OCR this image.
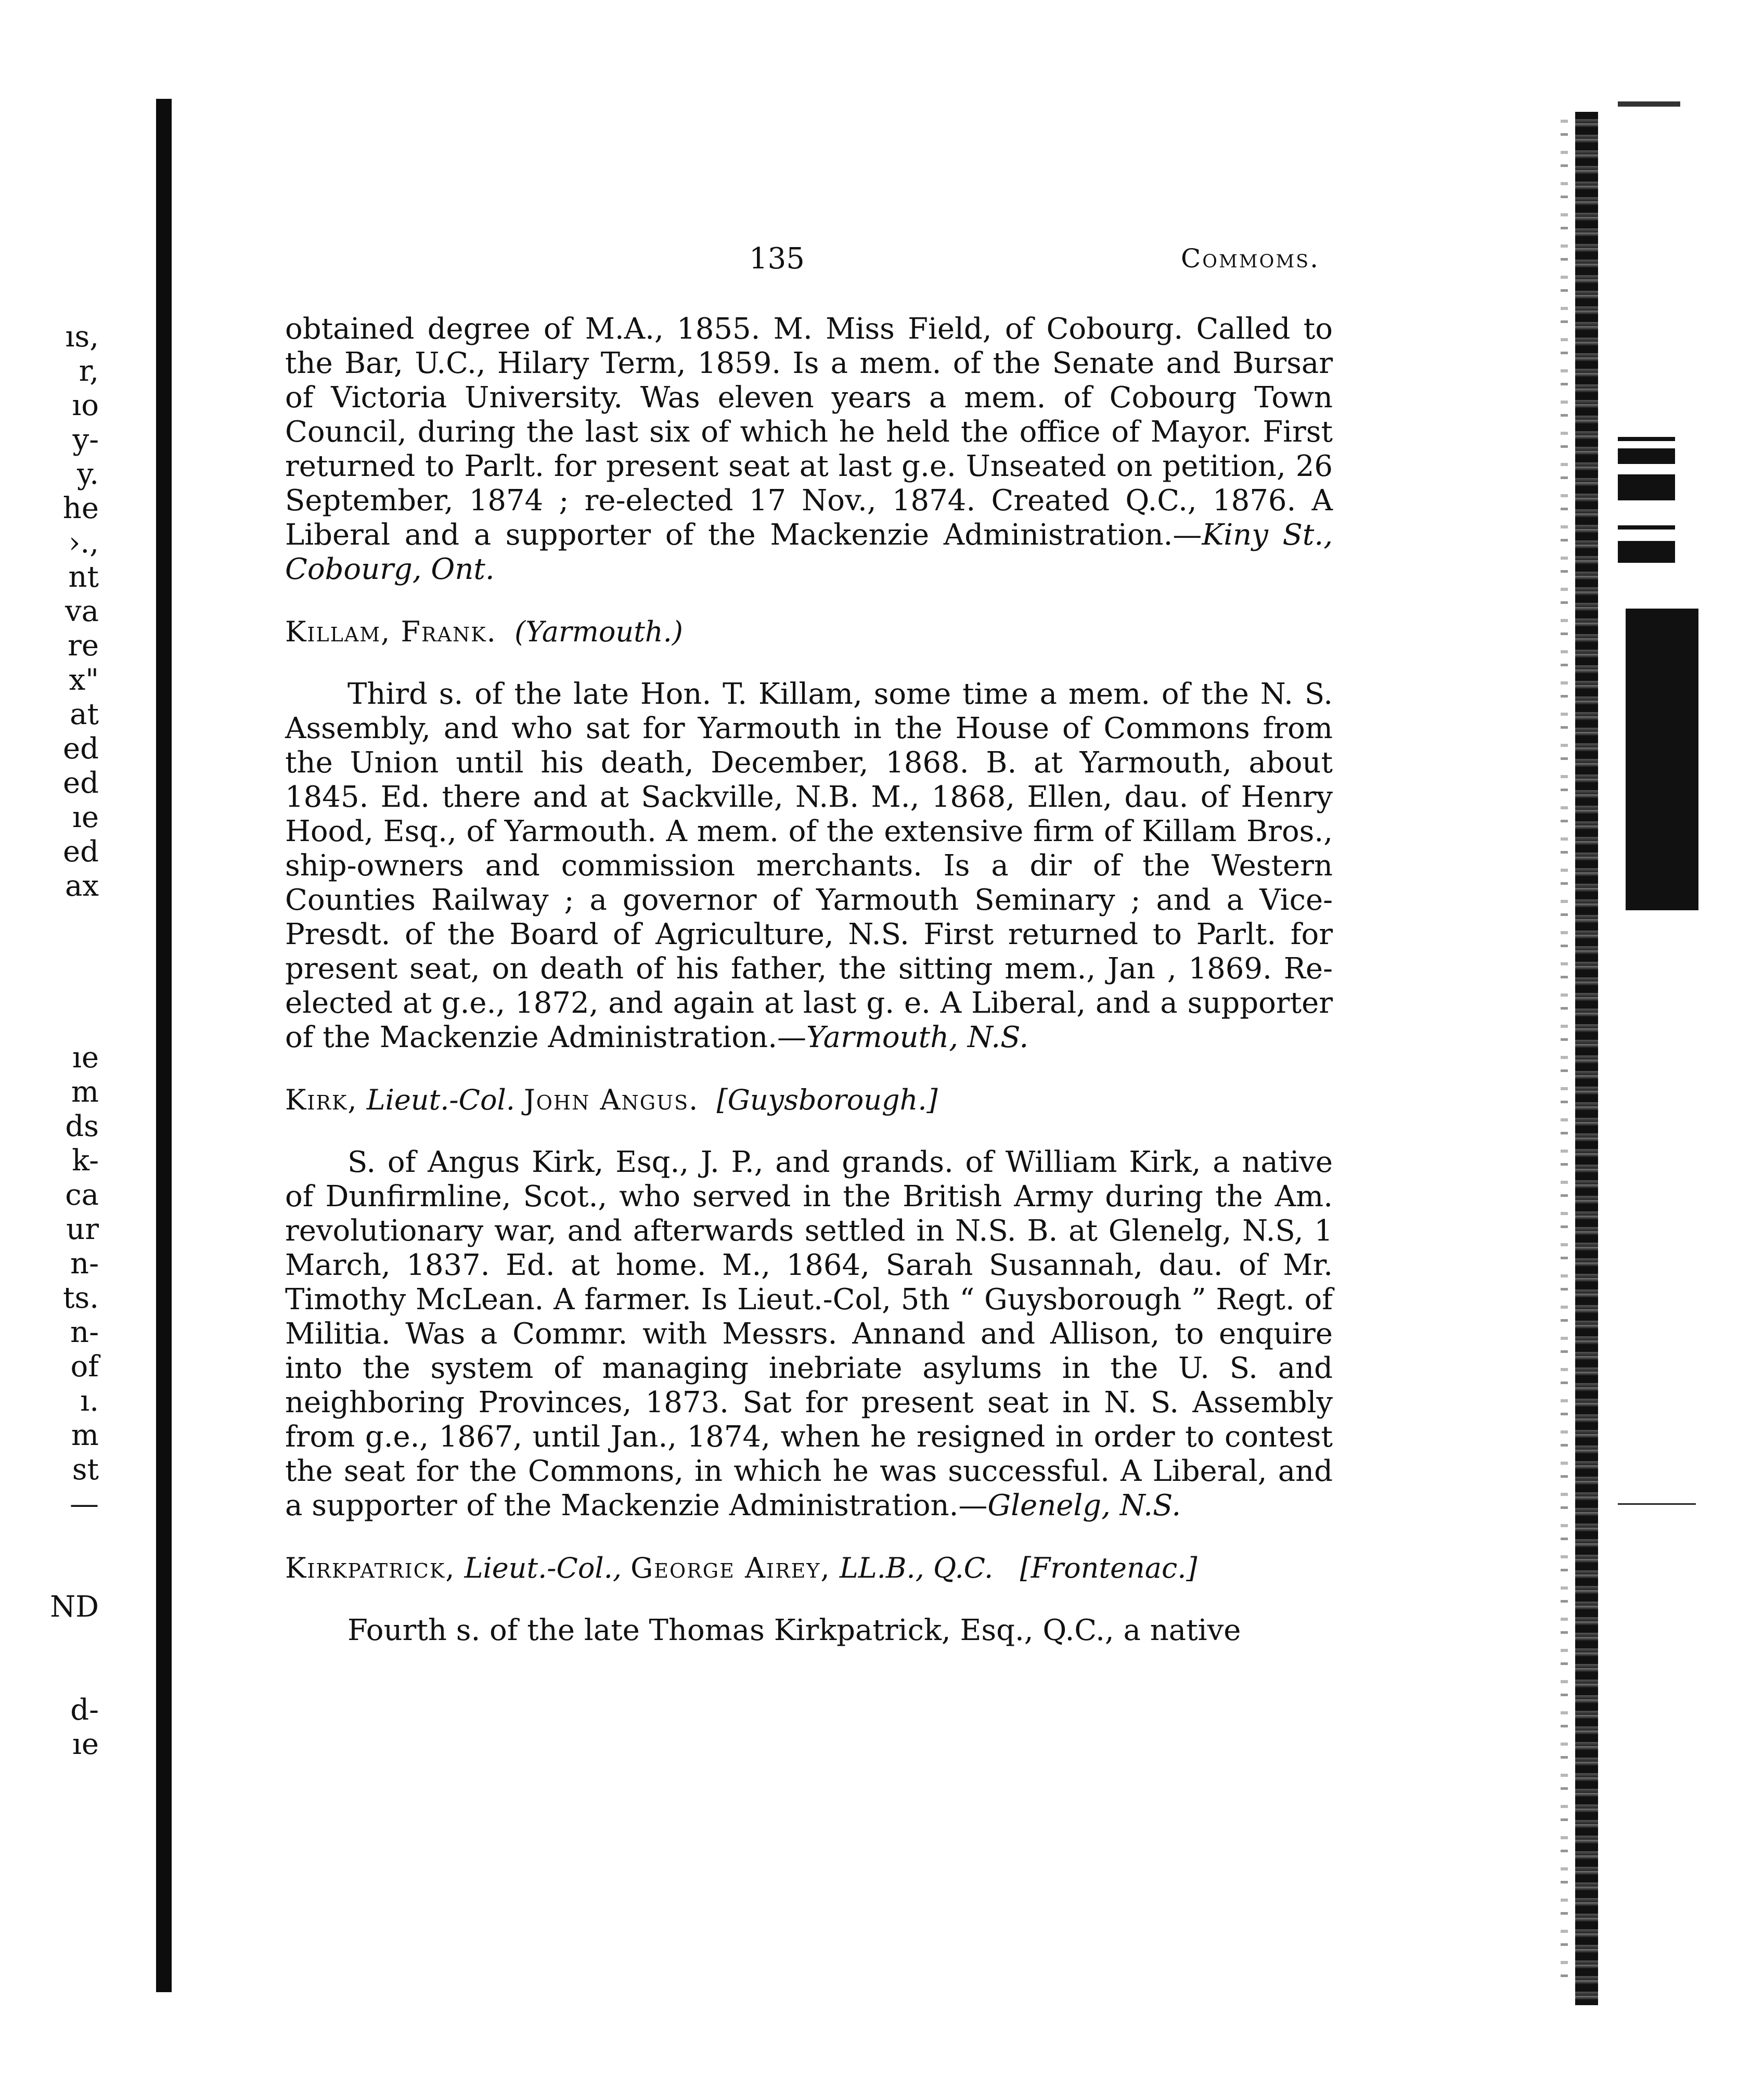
ıs,
r,
ıo
y-
y.
he
›.,
nt
va
re
x"
at
ed
ed
ıe
ed
ax
ıe
m
ds
k-
ca
ur
n-
ts.
n-
of
ı.
m
st
—
ND
d-
ıe
135	Commoms.

obtained degree of M.A., 1855. M. Miss Field, of Cobourg. Called to the Bar, U.C., Hilary Term, 1859. Is a mem. of the Senate and Bursar of Victoria University. Was eleven years a mem. of Cobourg Town Council, during the last six of which he held the office of Mayor. First returned to Parlt. for present seat at last g.e. Unseated on petition, 26 September, 1874 ; re-elected 17 Nov., 1874. Created Q.C., 1876. A Liberal and a supporter of the Mackenzie Administration.—Kiny St., Cobourg, Ont.

Killam, Frank. (Yarmouth.)

Third s. of the late Hon. T. Killam, some time a mem. of the N. S. Assembly, and who sat for Yarmouth in the House of Commons from the Union until his death, December, 1868. B. at Yarmouth, about 1845. Ed. there and at Sackville, N.B. M., 1868, Ellen, dau. of Henry Hood, Esq., of Yarmouth. A mem. of the extensive firm of Killam Bros., ship-owners and commission merchants. Is a dir of the Western Counties Railway ; a governor of Yarmouth Seminary ; and a Vice-Presdt. of the Board of Agriculture, N.S. First returned to Parlt. for present seat, on death of his father, the sitting mem., Jan , 1869. Re-elected at g.e., 1872, and again at last g. e. A Liberal, and a supporter of the Mackenzie Administration.—Yarmouth, N.S.

Kirk, Lieut.-Col. John Angus. [Guysborough.]

S. of Angus Kirk, Esq., J. P., and grands. of William Kirk, a native of Dunfirmline, Scot., who served in the British Army during the Am. revolutionary war, and afterwards settled in N.S. B. at Glenelg, N.S, 1 March, 1837. Ed. at home. M., 1864, Sarah Susannah, dau. of Mr. Timothy McLean. A farmer. Is Lieut.-Col, 5th “ Guysborough ” Regt. of Militia. Was a Commr. with Messrs. Annand and Allison, to enquire into the system of managing inebriate asylums in the U. S. and neighboring Provinces, 1873. Sat for present seat in N. S. Assembly from g.e., 1867, until Jan., 1874, when he resigned in order to contest the seat for the Commons, in which he was successful. A Liberal, and a supporter of the Mackenzie Administration.—Glenelg, N.S.

Kirkpatrick, Lieut.-Col., George Airey, LL.B., Q.C. [Frontenac.]

Fourth s. of the late Thomas Kirkpatrick, Esq., Q.C., a native
